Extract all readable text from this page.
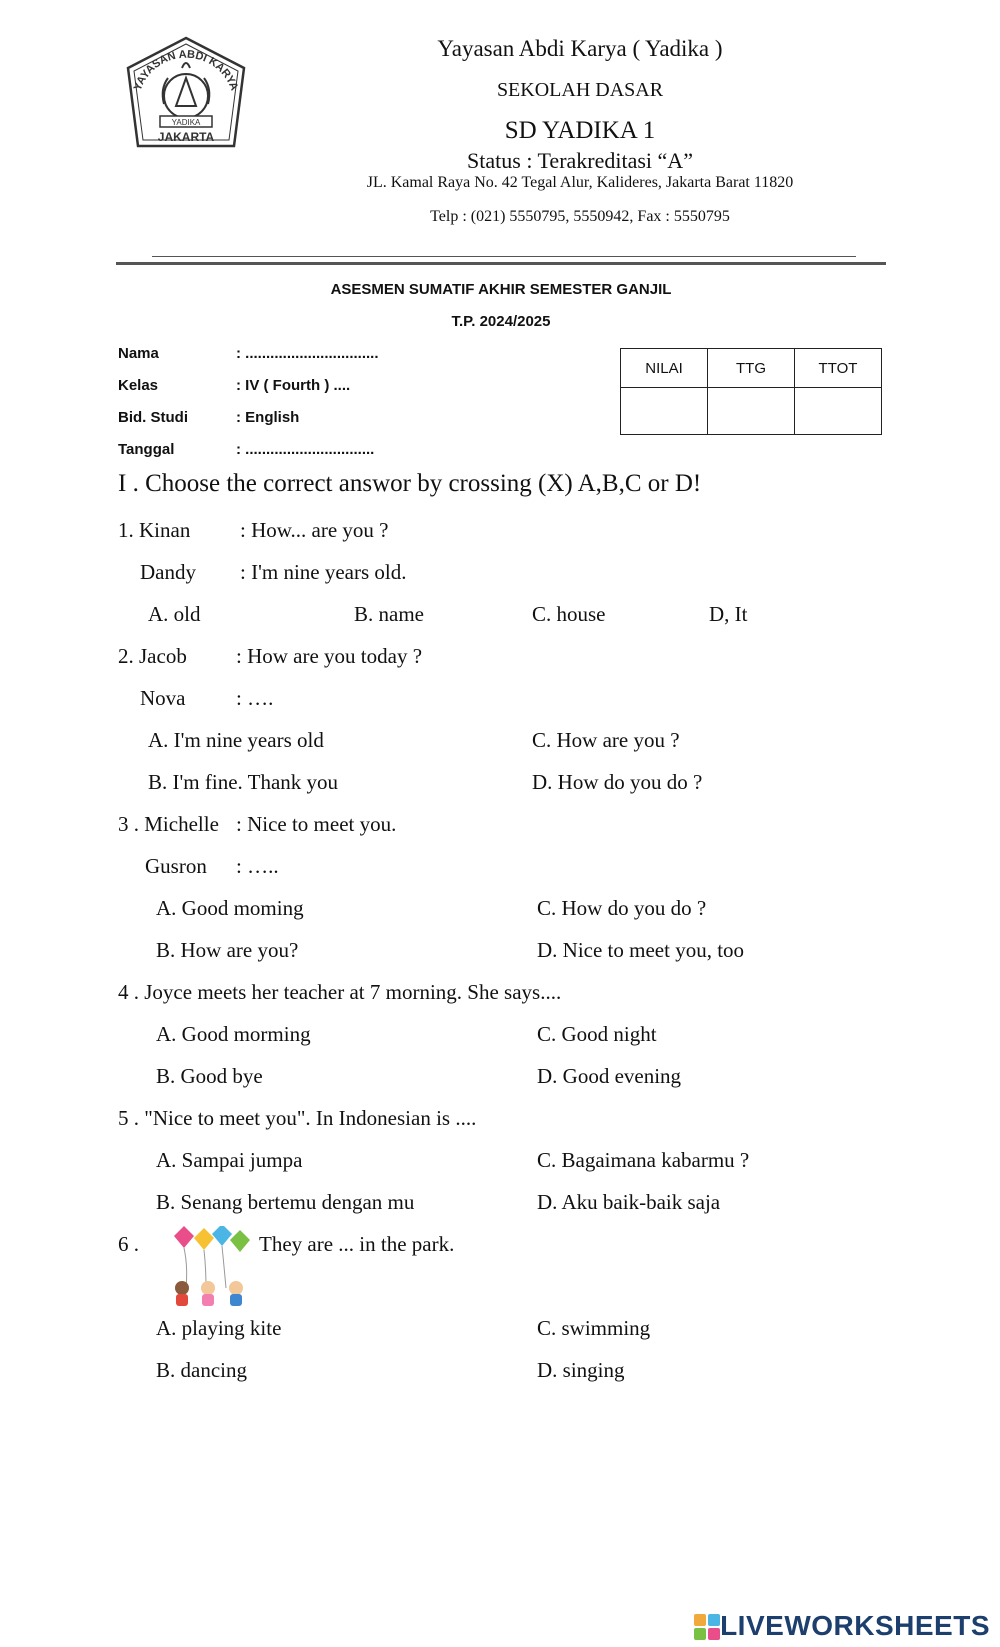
YADIKA
YAYASAN ABDI KARYA
JAKARTA
Yayasan Abdi Karya ( Yadika )
SEKOLAH DASAR
SD YADIKA 1
Status : Terakreditasi “A”
JL. Kamal Raya No. 42 Tegal Alur, Kalideres, Jakarta Barat 11820
Telp : (021) 5550795, 5550942, Fax : 5550795
ASESMEN SUMATIF AKHIR SEMESTER GANJIL
T.P. 2024/2025
Nama	: ................................
Kelas	: IV ( Fourth ) ....
Bid. Studi	: English
Tanggal	: ...............................
NILAI	TTG	TTOT

I . Choose the correct answor by crossing (X) A,B,C or D!
1. Kinan : How... are you ?
Dandy : I'm nine years old.
A. old	B. name	C. house	D, It
2. Jacob : How are you today ?
Nova : ….
A. I'm nine years old	C. How are you ?
B. I'm fine. Thank you	D. How do you do ?
3 . Michelle : Nice to meet you.
Gusron : …..
A. Good moming	C. How do you do ?
B. How are you?	D. Nice to meet you, too
4 . Joyce meets her teacher at 7 morning. She says....
A. Good morming	C. Good night
B. Good bye	D. Good evening
5 . "Nice to meet you". In Indonesian is ....
A. Sampai jumpa	C. Bagaimana kabarmu ?
B. Senang bertemu dengan mu	D. Aku baik-baik saja
6 .	They are ... in the park.
A. playing kite	C. swimming
B. dancing	D. singing
LIVEWORKSHEETS
